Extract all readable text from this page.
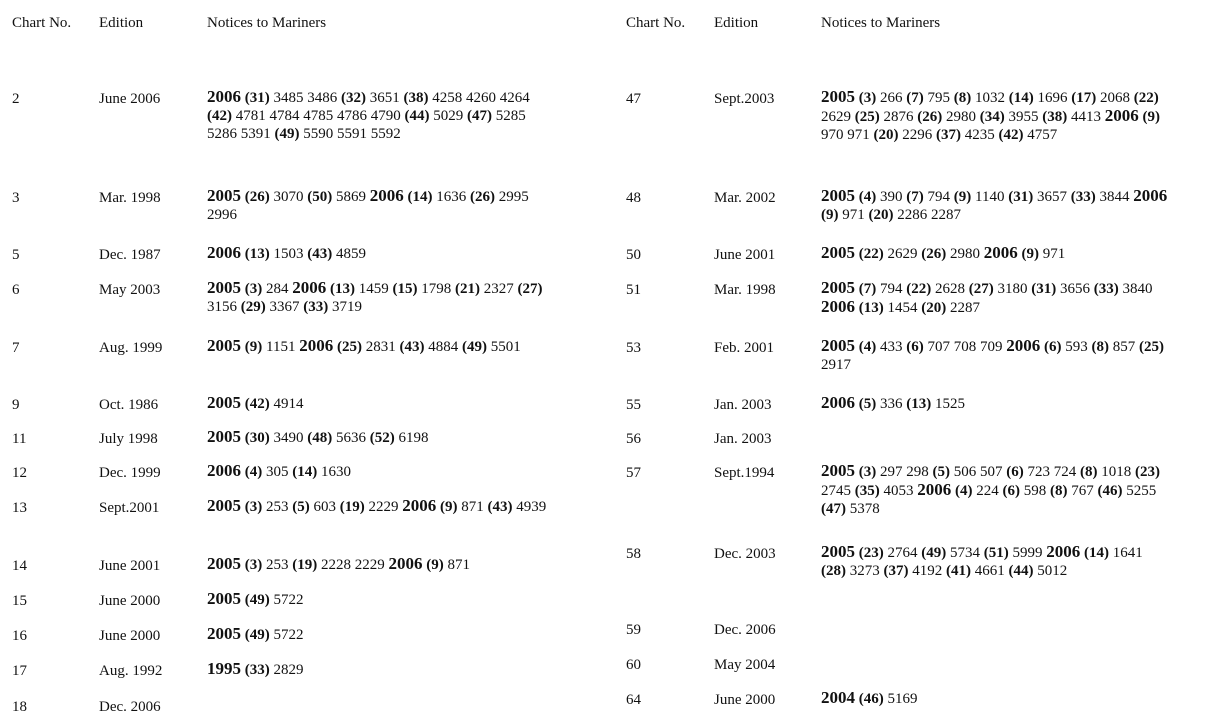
Chart No. Edition	Notices to Mariners	Chart No. Edition	Notices to Mariners
2	June 2006	2006 (31) 3485 3486 (32) 3651 (38) 4258 4260 4264 (42) 4781 4784 4785 4786 4790 (44) 5029 (47) 5285 5286 5391 (49) 5590 5591 5592
3	Mar. 1998	2005 (26) 3070 (50) 5869 2006 (14) 1636 (26) 2995 2996
5	Dec. 1987	2006 (13) 1503 (43) 4859
6	May 2003	2005 (3) 284 2006 (13) 1459 (15) 1798 (21) 2327 (27) 3156 (29) 3367 (33) 3719
7	Aug. 1999	2005 (9) 1151 2006 (25) 2831 (43) 4884 (49) 5501
9	Oct. 1986	2005 (42) 4914
11	July 1998	2005 (30) 3490 (48) 5636 (52) 6198
12	Dec. 1999	2006 (4) 305 (14) 1630
13	Sept.2001	2005 (3) 253 (5) 603 (19) 2229 2006 (9) 871 (43) 4939
14	June 2001	2005 (3) 253 (19) 2228 2229 2006 (9) 871
15	June 2000	2005 (49) 5722
16	June 2000	2005 (49) 5722
17	Aug. 1992	1995 (33) 2829
18	Dec. 2006
47	Sept.2003	2005 (3) 266 (7) 795 (8) 1032 (14) 1696 (17) 2068 (22) 2629 (25) 2876 (26) 2980 (34) 3955 (38) 4413 2006 (9) 970 971 (20) 2296 (37) 4235 (42) 4757
48	Mar. 2002	2005 (4) 390 (7) 794 (9) 1140 (31) 3657 (33) 3844 2006 (9) 971 (20) 2286 2287
50	June 2001	2005 (22) 2629 (26) 2980 2006 (9) 971
51	Mar. 1998	2005 (7) 794 (22) 2628 (27) 3180 (31) 3656 (33) 3840 2006 (13) 1454 (20) 2287
53	Feb. 2001	2005 (4) 433 (6) 707 708 709 2006 (6) 593 (8) 857 (25) 2917
55	Jan. 2003	2006 (5) 336 (13) 1525
56	Jan. 2003
57	Sept.1994	2005 (3) 297 298 (5) 506 507 (6) 723 724 (8) 1018 (23) 2745 (35) 4053 2006 (4) 224 (6) 598 (8) 767 (46) 5255 (47) 5378
58	Dec. 2003	2005 (23) 2764 (49) 5734 (51) 5999 2006 (14) 1641 (28) 3273 (37) 4192 (41) 4661 (44) 5012
59	Dec. 2006
60	May 2004
64	June 2000	2004 (46) 5169
